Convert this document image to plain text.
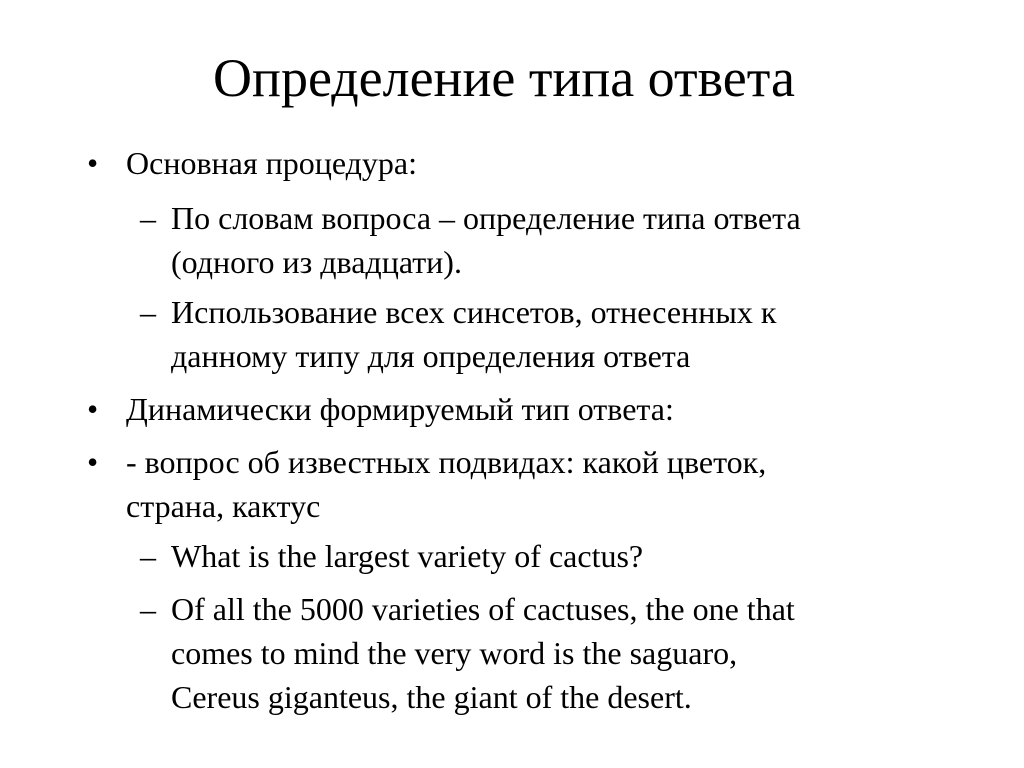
Определение типа ответа
• Основная процедура:
– По словам вопроса – определение типа ответа
(одного из двадцати).
– Использование всех синсетов, отнесенных к
данному типу для определения ответа
• Динамически формируемый тип ответа:
• - вопрос об известных подвидах: какой цветок,
страна, кактус
– What is the largest variety of cactus?
– Of all the 5000 varieties of cactuses, the one that
comes to mind the very word is the saguaro,
Cereus giganteus, the giant of the desert.
